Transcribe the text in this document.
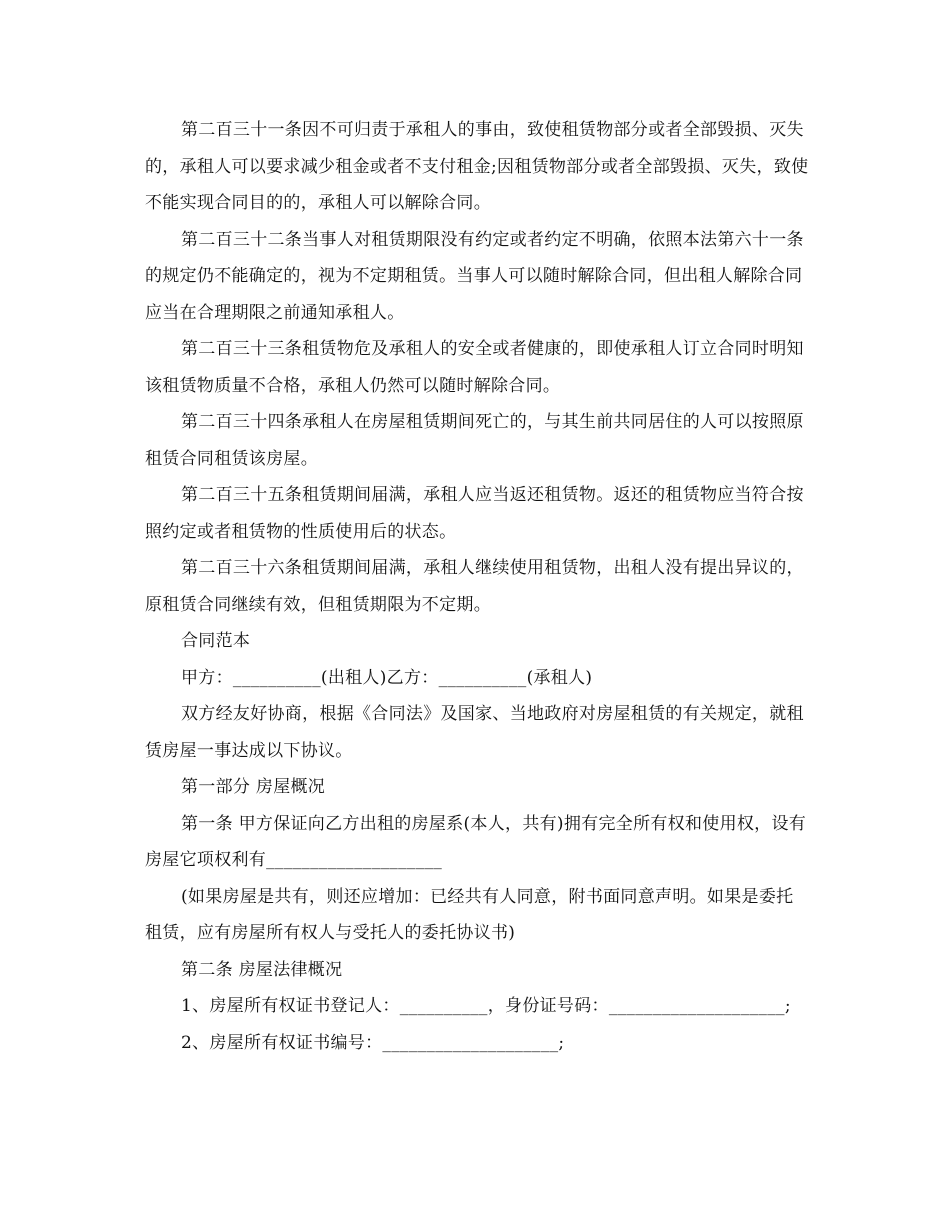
第二百三十一条因不可归责于承租人的事由，致使租赁物部分或者全部毁损、灭失的，承租人可以要求减少租金或者不支付租金;因租赁物部分或者全部毁损、灭失，致使不能实现合同目的的，承租人可以解除合同。

第二百三十二条当事人对租赁期限没有约定或者约定不明确，依照本法第六十一条的规定仍不能确定的，视为不定期租赁。当事人可以随时解除合同，但出租人解除合同应当在合理期限之前通知承租人。

第二百三十三条租赁物危及承租人的安全或者健康的，即使承租人订立合同时明知该租赁物质量不合格，承租人仍然可以随时解除合同。

第二百三十四条承租人在房屋租赁期间死亡的，与其生前共同居住的人可以按照原租赁合同租赁该房屋。

第二百三十五条租赁期间届满，承租人应当返还租赁物。返还的租赁物应当符合按照约定或者租赁物的性质使用后的状态。

第二百三十六条租赁期间届满，承租人继续使用租赁物，出租人没有提出异议的，原租赁合同继续有效，但租赁期限为不定期。

合同范本

甲方：__________(出租人)乙方：__________(承租人)

双方经友好协商，根据《合同法》及国家、当地政府对房屋租赁的有关规定，就租赁房屋一事达成以下协议。

第一部分 房屋概况

第一条 甲方保证向乙方出租的房屋系(本人，共有)拥有完全所有权和使用权，设有房屋它项权利有____________________

(如果房屋是共有，则还应增加：已经共有人同意，附书面同意声明。如果是委托租赁，应有房屋所有权人与受托人的委托协议书)

第二条 房屋法律概况

1、房屋所有权证书登记人：__________，身份证号码：____________________;

2、房屋所有权证书编号：____________________;
